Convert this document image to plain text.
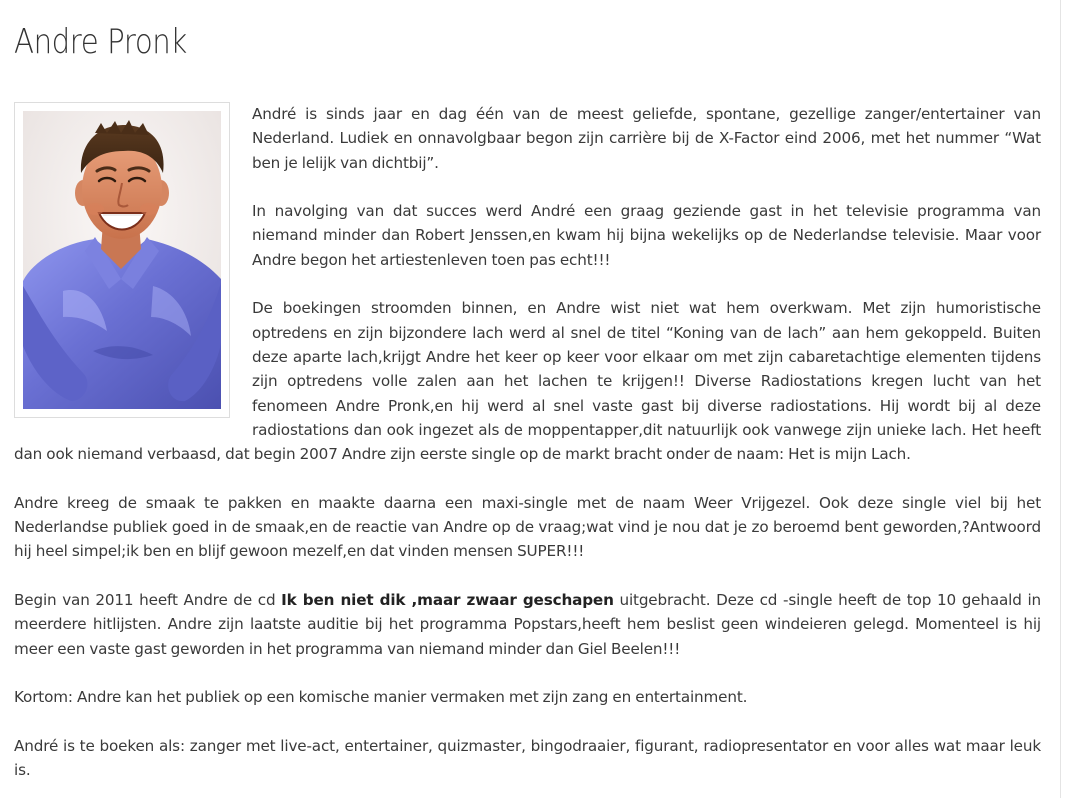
Andre Pronk

André is sinds jaar en dag één van de meest geliefde, spontane, gezellige zanger/entertainer van Nederland. Ludiek en onnavolgbaar begon zijn carrière bij de X-Factor eind 2006, met het nummer “Wat ben je lelijk van dichtbij”.

In navolging van dat succes werd André een graag geziende gast in het televisie programma van niemand minder dan Robert Jenssen,en kwam hij bijna wekelijks op de Nederlandse televisie. Maar voor Andre begon het artiestenleven toen pas echt!!!

De boekingen stroomden binnen, en Andre wist niet wat hem overkwam. Met zijn humoristische optredens en zijn bijzondere lach werd al snel de titel “Koning van de lach” aan hem gekoppeld. Buiten deze aparte lach,krijgt Andre het keer op keer voor elkaar om met zijn cabaretachtige elementen tijdens zijn optredens volle zalen aan het lachen te krijgen!! Diverse Radiostations kregen lucht van het fenomeen Andre Pronk,en hij werd al snel vaste gast bij diverse radiostations. Hij wordt bij al deze radiostations dan ook ingezet als de moppentapper,dit natuurlijk ook vanwege zijn unieke lach. Het heeft dan ook niemand verbaasd, dat begin 2007 Andre zijn eerste single op de markt bracht onder de naam: Het is mijn Lach.

Andre kreeg de smaak te pakken en maakte daarna een maxi-single met de naam Weer Vrijgezel. Ook deze single viel bij het Nederlandse publiek goed in de smaak,en de reactie van Andre op de vraag;wat vind je nou dat je zo beroemd bent geworden,?Antwoord hij heel simpel;ik ben en blijf gewoon mezelf,en dat vinden mensen SUPER!!!

Begin van 2011 heeft Andre de cd Ik ben niet dik ,maar zwaar geschapen uitgebracht. Deze cd -single heeft de top 10 gehaald in meerdere hitlijsten. Andre zijn laatste auditie bij het programma Popstars,heeft hem beslist geen windeieren gelegd. Momenteel is hij meer een vaste gast geworden in het programma van niemand minder dan Giel Beelen!!!

Kortom: Andre kan het publiek op een komische manier vermaken met zijn zang en entertainment.

André is te boeken als: zanger met live-act, entertainer, quizmaster, bingodraaier, figurant, radiopresentator en voor alles wat maar leuk is.
